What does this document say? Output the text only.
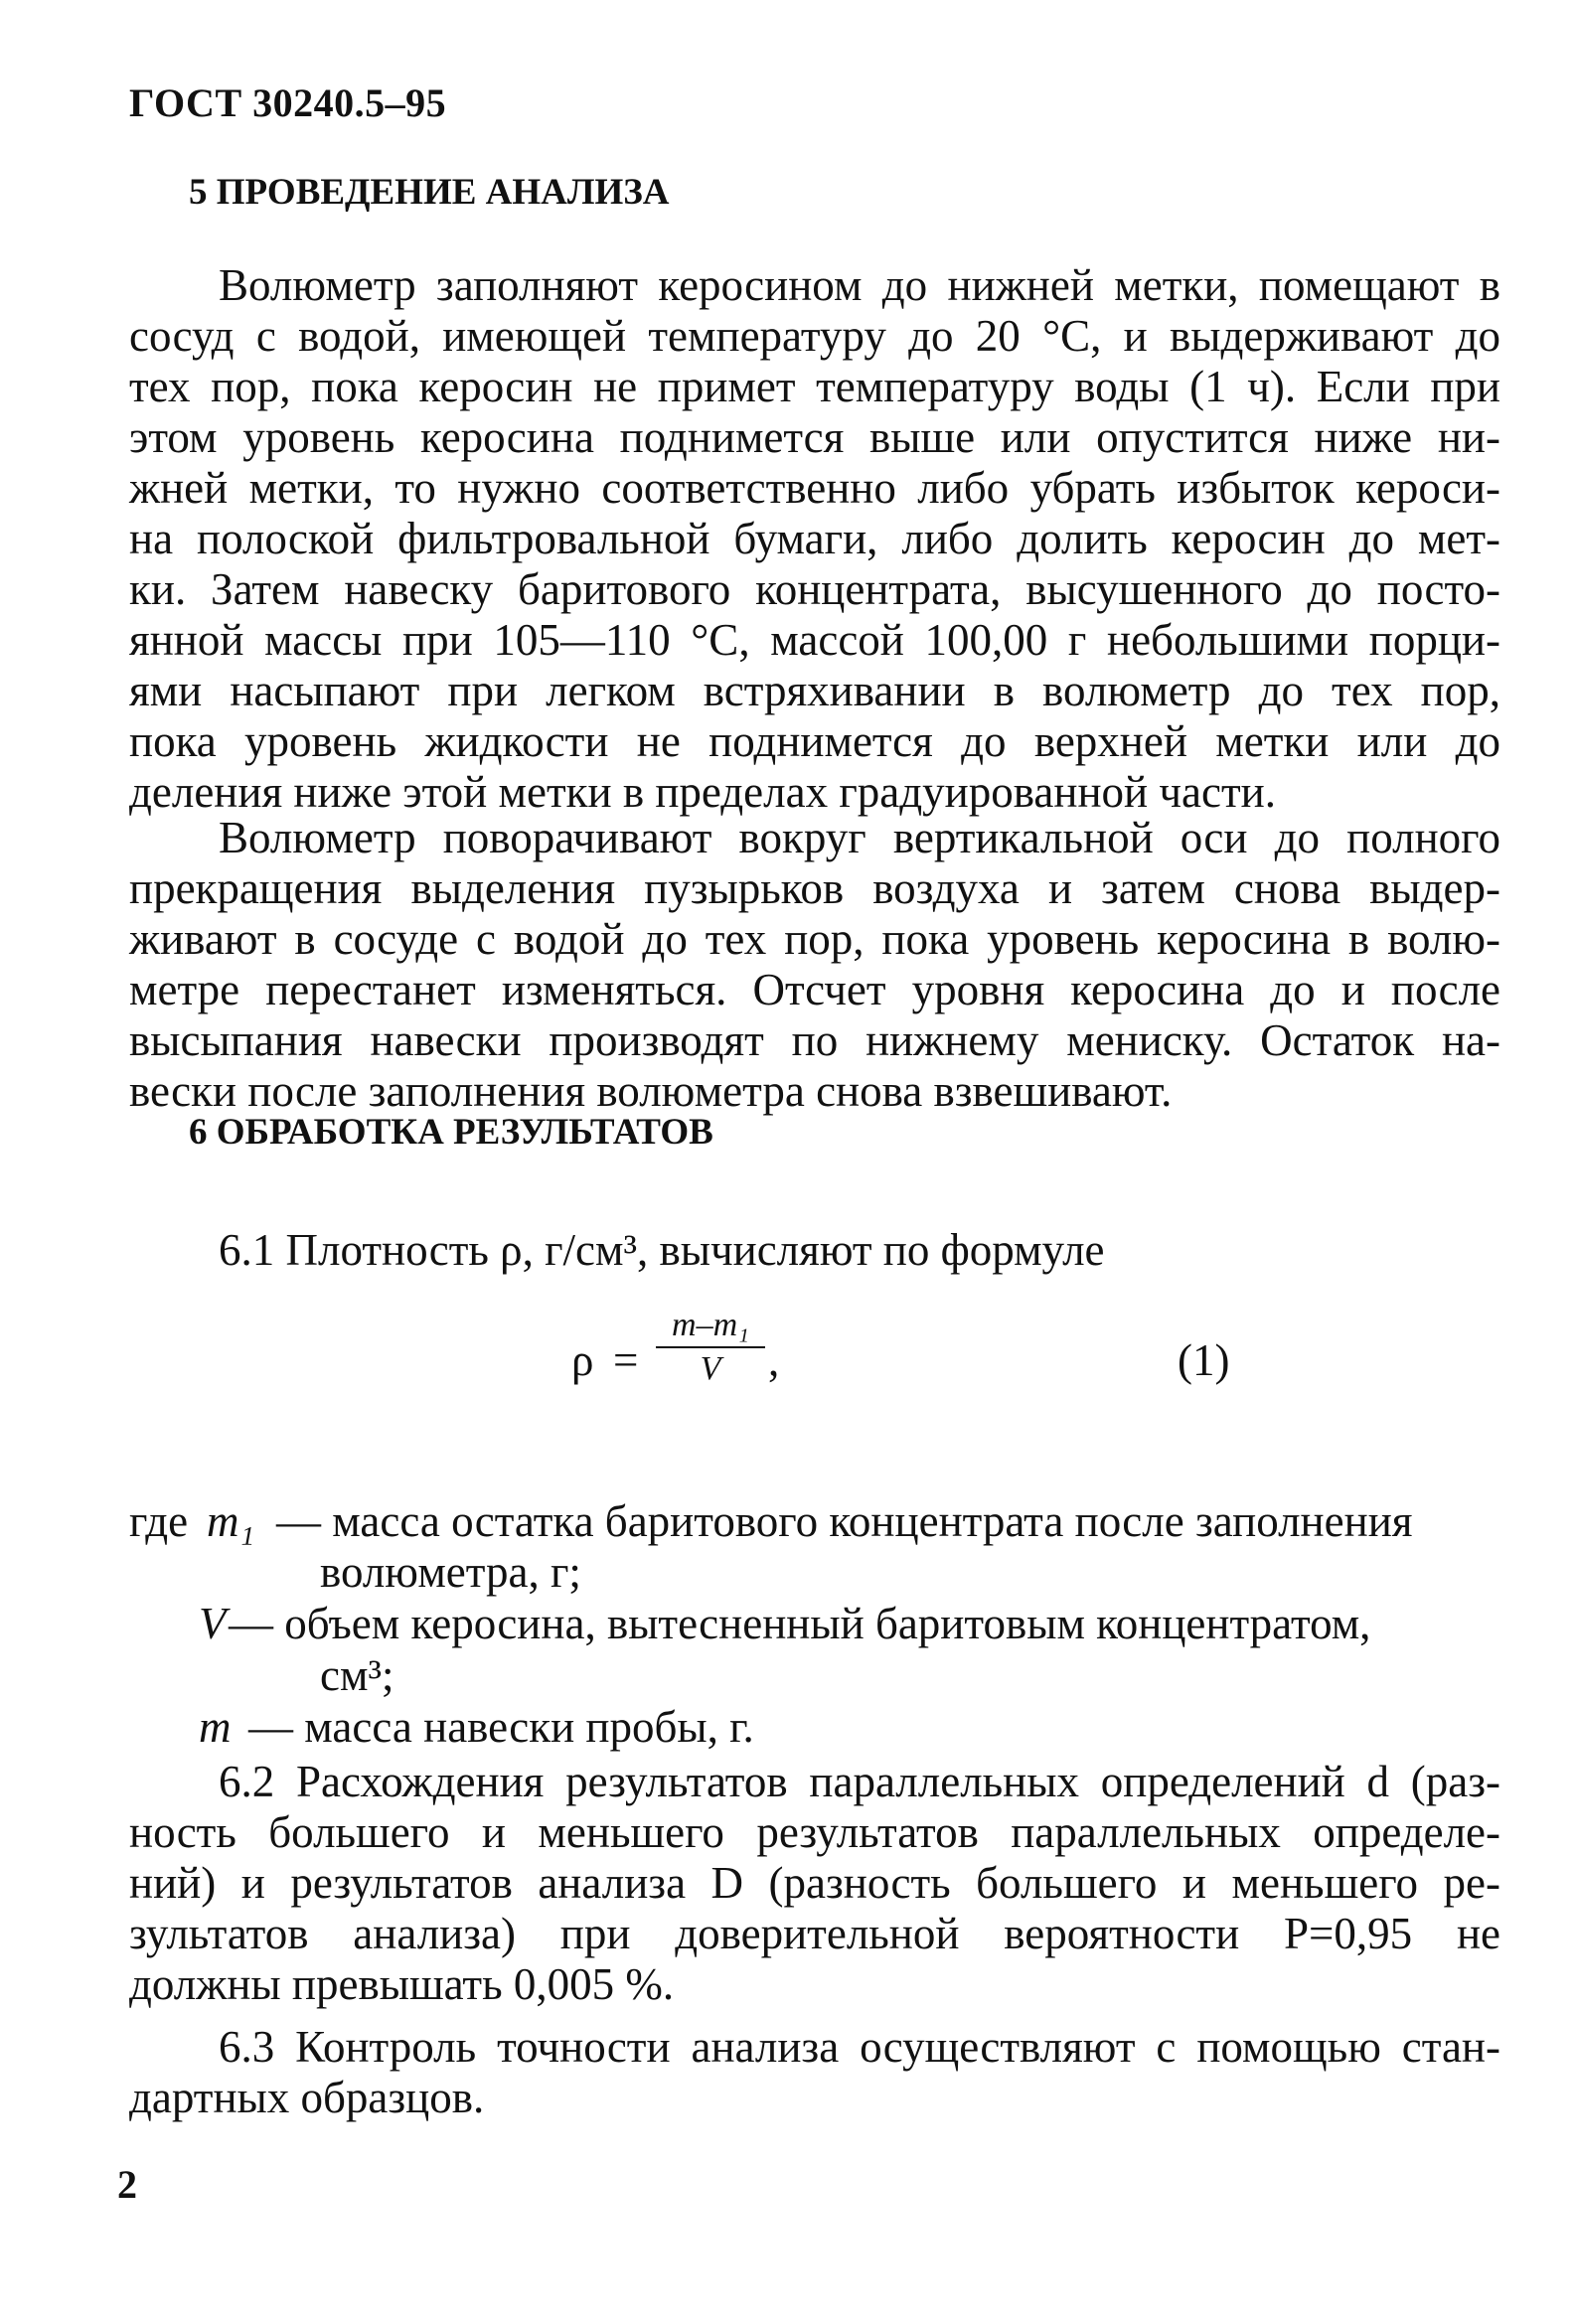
ГОСТ 30240.5–95
5 ПРОВЕДЕНИЕ АНАЛИЗА
Волюметр заполняют керосином до нижней метки, помещают в
сосуд с водой, имеющей температуру до 20 °С, и выдерживают до
тех пор, пока керосин не примет температуру воды (1 ч). Если при
этом уровень керосина поднимется выше или опустится ниже ни-
жней метки, то нужно соответственно либо убрать избыток кероси-
на полоской фильтровальной бумаги, либо долить керосин до мет-
ки. Затем навеску баритового концентрата, высушенного до посто-
янной массы при 105—110 °С, массой 100,00 г небольшими порци-
ями насыпают при легком встряхивании в волюметр до тех пор,
пока уровень жидкости не поднимется до верхней метки или до
деления ниже этой метки в пределах градуированной части.
Волюметр поворачивают вокруг вертикальной оси до полного
прекращения выделения пузырьков воздуха и затем снова выдер-
живают в сосуде с водой до тех пор, пока уровень керосина в волю-
метре перестанет изменяться. Отсчет уровня керосина до и после
высыпания навески производят по нижнему мениску. Остаток на-
вески после заполнения волюметра снова взвешивают.
6 ОБРАБОТКА РЕЗУЛЬТАТОВ
6.1 Плотность ρ, г/см³, вычисляют по формуле
$\rho = \frac{\text{m–m₁}}{V}$ ,	(1)
где m₁ — масса остатка баритового концентрата после заполнения
волюметра, г;
V — объем керосина, вытесненный баритовым концентратом,
см³;
m — масса навески пробы, г.
6.2 Расхождения результатов параллельных определений d (раз-
ность большего и меньшего результатов параллельных определе-
ний) и результатов анализа D (разность большего и меньшего ре-
зультатов анализа) при доверительной вероятности P=0,95 не
должны превышать 0,005 %.
6.3 Контроль точности анализа осуществляют с помощью стан-
дартных образцов.
2
